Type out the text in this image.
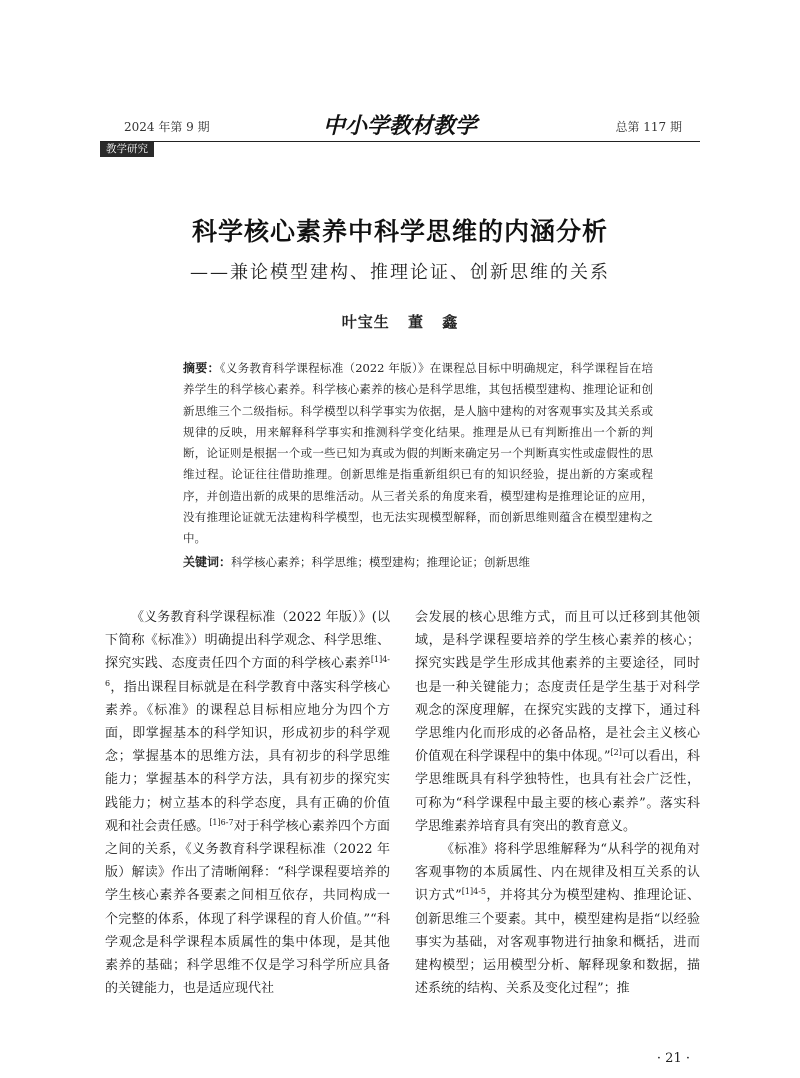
2024 年第 9 期	中小学教材教学	总第 117 期
教学研究
科学核心素养中科学思维的内涵分析
——兼论模型建构、推理论证、创新思维的关系
叶宝生 董 鑫
摘要：《义务教育科学课程标准（2022 年版）》在课程总目标中明确规定，科学课程旨在培养学生的科学核心素养。科学核心素养的核心是科学思维，其包括模型建构、推理论证和创新思维三个二级指标。科学模型以科学事实为依据，是人脑中建构的对客观事实及其关系或规律的反映，用来解释科学事实和推测科学变化结果。推理是从已有判断推出一个新的判断，论证则是根据一个或一些已知为真或为假的判断来确定另一个判断真实性或虚假性的思维过程。论证往往借助推理。创新思维是指重新组织已有的知识经验，提出新的方案或程序，并创造出新的成果的思维活动。从三者关系的角度来看，模型建构是推理论证的应用，没有推理论证就无法建构科学模型，也无法实现模型解释，而创新思维则蕴含在模型建构之中。
关键词：科学核心素养；科学思维；模型建构；推理论证；创新思维

《义务教育科学课程标准（2022 年版）》(以下简称《标准》）明确提出科学观念、科学思维、探究实践、态度责任四个方面的科学核心素养$^{[1]4-6}$，指出课程目标就是在科学教育中落实科学核心素养。《标准》的课程总目标相应地分为四个方面，即掌握基本的科学知识，形成初步的科学观念；掌握基本的思维方法，具有初步的科学思维能力；掌握基本的科学方法，具有初步的探究实践能力；树立基本的科学态度，具有正确的价值观和社会责任感。$^{[1]6-7}$对于科学核心素养四个方面之间的关系，《义务教育科学课程标准（2022 年版）解读》作出了清晰阐释：“科学课程要培养的学生核心素养各要素之间相互依存，共同构成一个完整的体系，体现了科学课程的育人价值。”“科学观念是科学课程本质属性的集中体现，是其他素养的基础；科学思维不仅是学习科学所应具备的关键能力，也是适应现代社

会发展的核心思维方式，而且可以迁移到其他领域，是科学课程要培养的学生核心素养的核心；探究实践是学生形成其他素养的主要途径，同时也是一种关键能力；态度责任是学生基于对科学观念的深度理解，在探究实践的支撑下，通过科学思维内化而形成的必备品格，是社会主义核心价值观在科学课程中的集中体现。”[2]可以看出，科学思维既具有科学独特性，也具有社会广泛性，可称为“科学课程中最主要的核心素养”。落实科学思维素养培育具有突出的教育意义。

《标准》将科学思维解释为“从科学的视角对客观事物的本质属性、内在规律及相互关系的认识方式”$^{[1]4-5}$，并将其分为模型建构、推理论证、创新思维三个要素。其中，模型建构是指“以经验事实为基础，对客观事物进行抽象和概括，进而建构模型；运用模型分析、解释现象和数据，描述系统的结构、关系及变化过程”；推

· 21 ·
